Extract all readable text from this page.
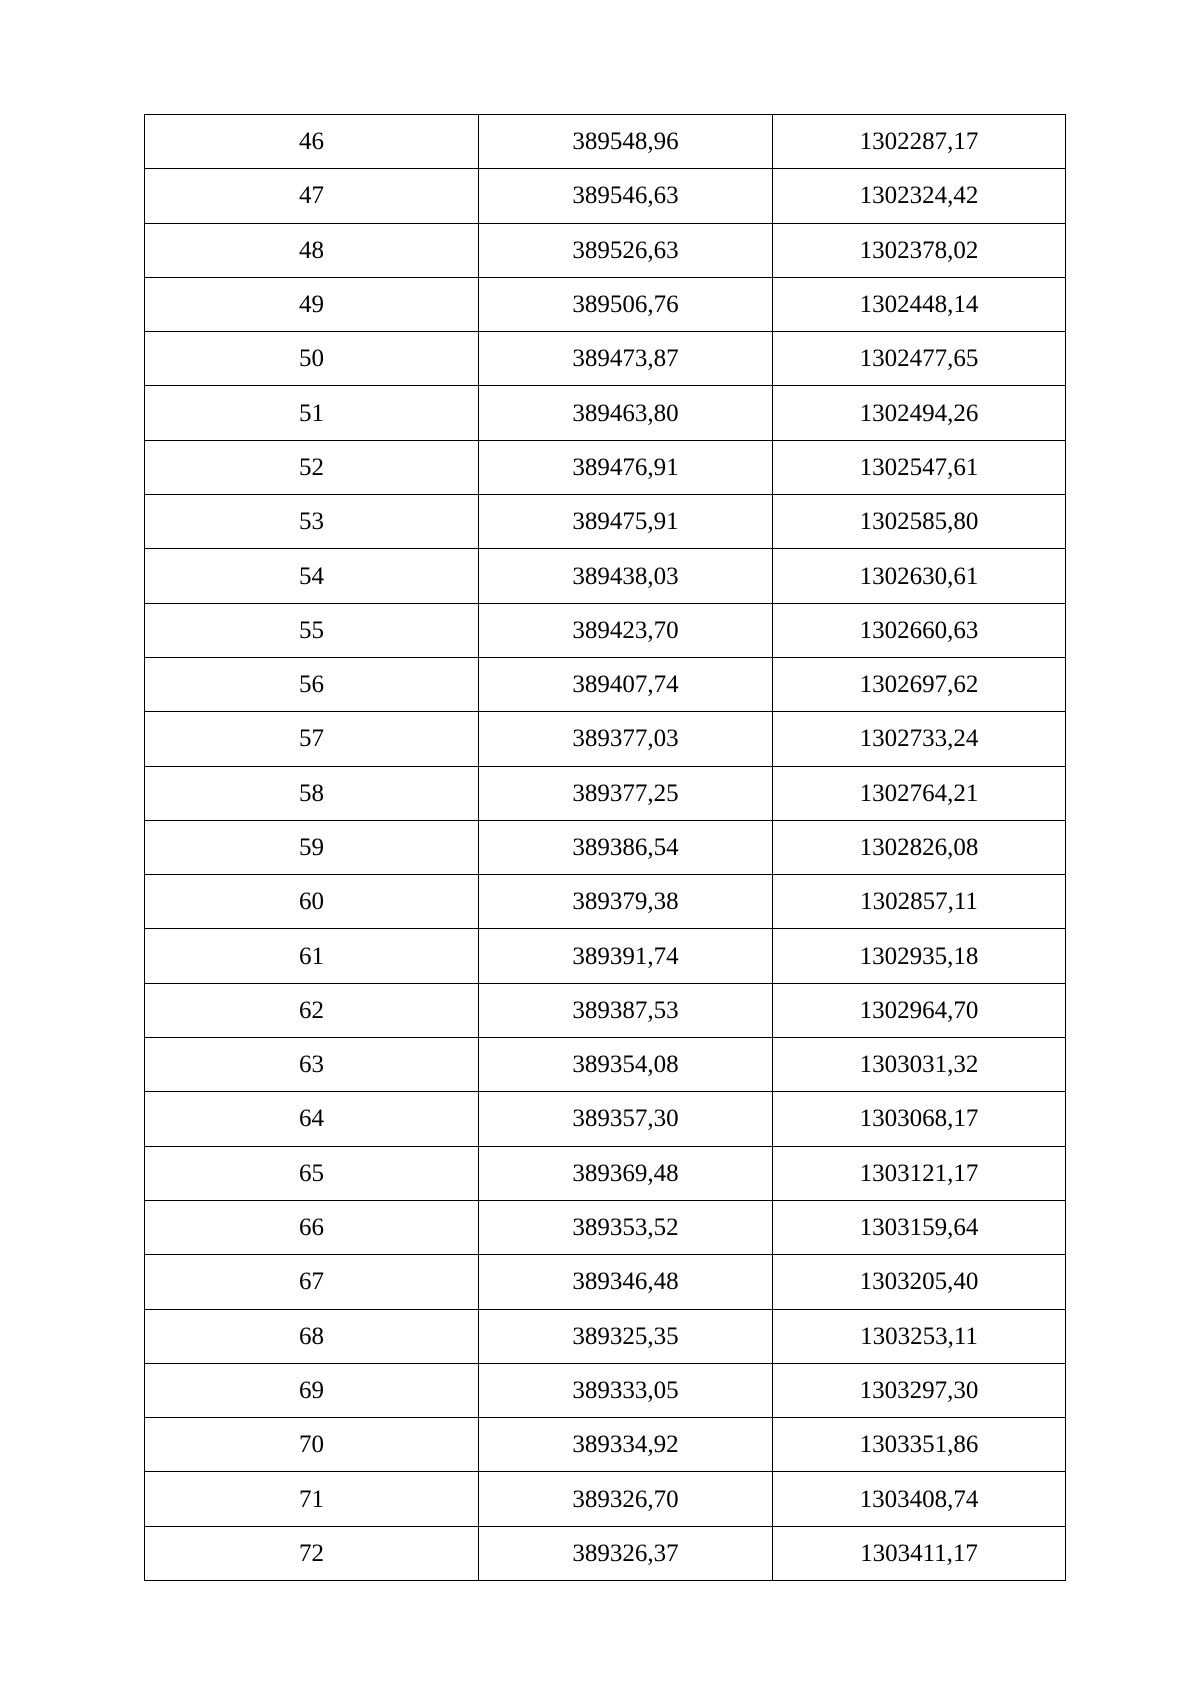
46	389548,96	1302287,17
47	389546,63	1302324,42
48	389526,63	1302378,02
49	389506,76	1302448,14
50	389473,87	1302477,65
51	389463,80	1302494,26
52	389476,91	1302547,61
53	389475,91	1302585,80
54	389438,03	1302630,61
55	389423,70	1302660,63
56	389407,74	1302697,62
57	389377,03	1302733,24
58	389377,25	1302764,21
59	389386,54	1302826,08
60	389379,38	1302857,11
61	389391,74	1302935,18
62	389387,53	1302964,70
63	389354,08	1303031,32
64	389357,30	1303068,17
65	389369,48	1303121,17
66	389353,52	1303159,64
67	389346,48	1303205,40
68	389325,35	1303253,11
69	389333,05	1303297,30
70	389334,92	1303351,86
71	389326,70	1303408,74
72	389326,37	1303411,17
